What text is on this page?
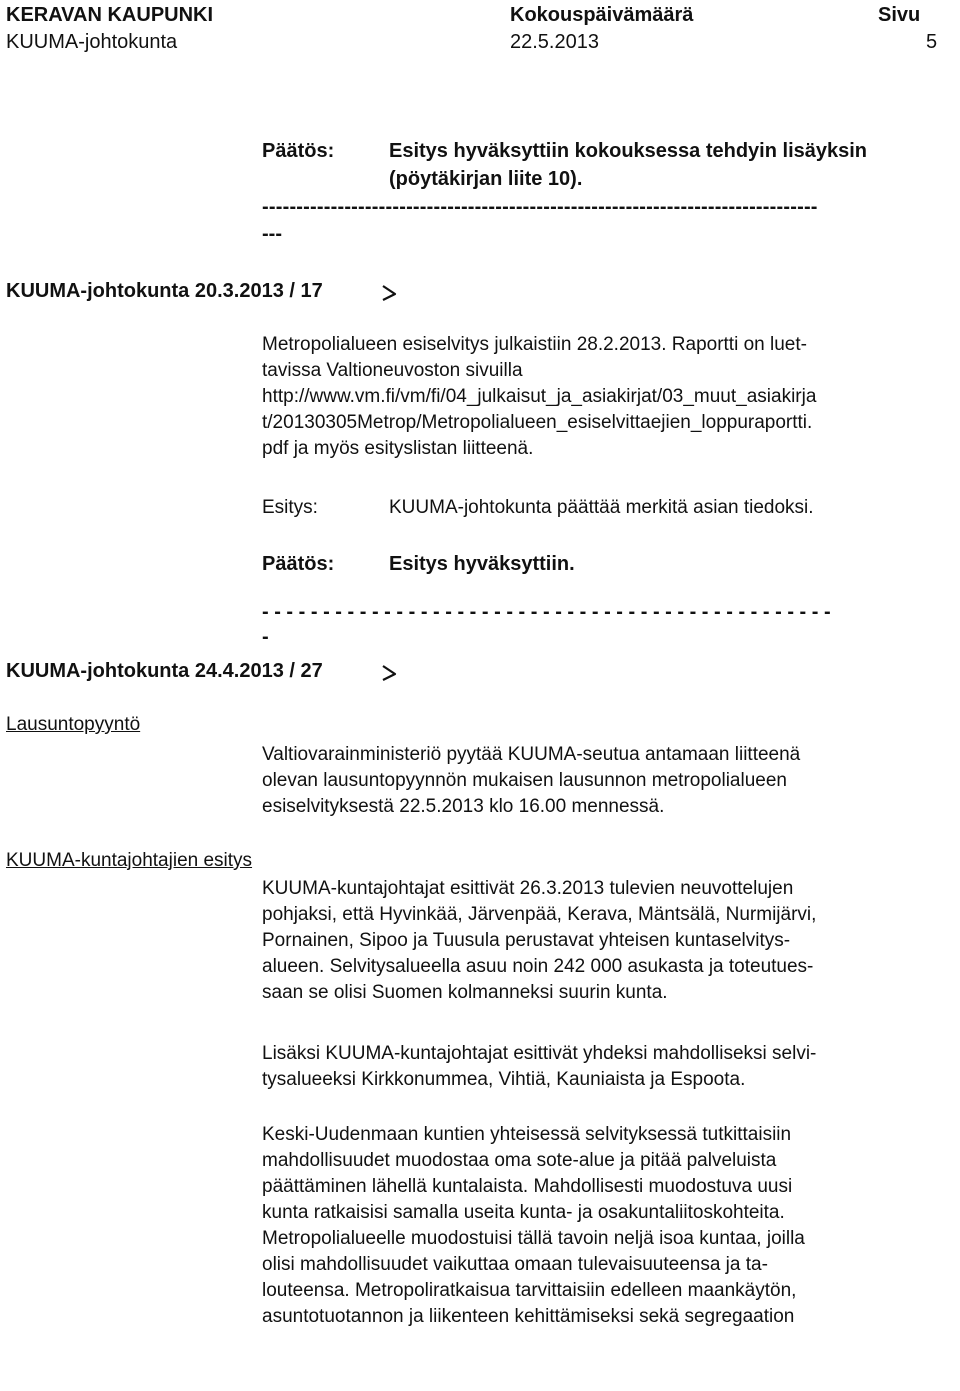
KERAVAN KAUPUNKI	Kokouspäivämäärä	Sivu
KUUMA-johtokunta	22.5.2013	5
Päätös:	Esitys hyväksyttiin kokouksessa tehdyin lisäyksin
(pöytäkirjan liite 10).
---------------------------------------------------------------------------------
---
KUUMA-johtokunta 20.3.2013 / 17
Metropolialueen esiselvitys julkaistiin 28.2.2013. Raportti on luet-
tavissa Valtioneuvoston sivuilla
http://www.vm.fi/vm/fi/04_julkaisut_ja_asiakirjat/03_muut_asiakirja
t/20130305Metrop/Metropolialueen_esiselvittaejien_loppuraportti.
pdf ja myös esityslistan liitteenä.
Esitys:	KUUMA-johtokunta päättää merkitä asian tiedoksi.
Päätös:	Esitys hyväksyttiin.
- - - - - - - - - - - - - - - - - - - - - - - - - - - - - - - - - - - - - - - - - - - - - - -
-
KUUMA-johtokunta 24.4.2013 / 27
Lausuntopyyntö
Valtiovarainministeriö pyytää KUUMA-seutua antamaan liitteenä
olevan lausuntopyynnön mukaisen lausunnon metropolialueen
esiselvityksestä 22.5.2013 klo 16.00 mennessä.
KUUMA-kuntajohtajien esitys
KUUMA-kuntajohtajat esittivät 26.3.2013 tulevien neuvottelujen
pohjaksi, että Hyvinkää, Järvenpää, Kerava, Mäntsälä, Nurmijärvi,
Pornainen, Sipoo ja Tuusula perustavat yhteisen kuntaselvitys-
alueen. Selvitysalueella asuu noin 242 000 asukasta ja toteutues-
saan se olisi Suomen kolmanneksi suurin kunta.
Lisäksi KUUMA-kuntajohtajat esittivät yhdeksi mahdolliseksi selvi-
tysalueeksi Kirkkonummea, Vihtiä, Kauniaista ja Espoota.
Keski-Uudenmaan kuntien yhteisessä selvityksessä tutkittaisiin
mahdollisuudet muodostaa oma sote-alue ja pitää palveluista
päättäminen lähellä kuntalaista. Mahdollisesti muodostuva uusi
kunta ratkaisisi samalla useita kunta- ja osakuntaliitoskohteita.
Metropolialueelle muodostuisi tällä tavoin neljä isoa kuntaa, joilla
olisi mahdollisuudet vaikuttaa omaan tulevaisuuteensa ja ta-
louteensa. Metropoliratkaisua tarvittaisiin edelleen maankäytön,
asuntotuotannon ja liikenteen kehittämiseksi sekä segregaation
